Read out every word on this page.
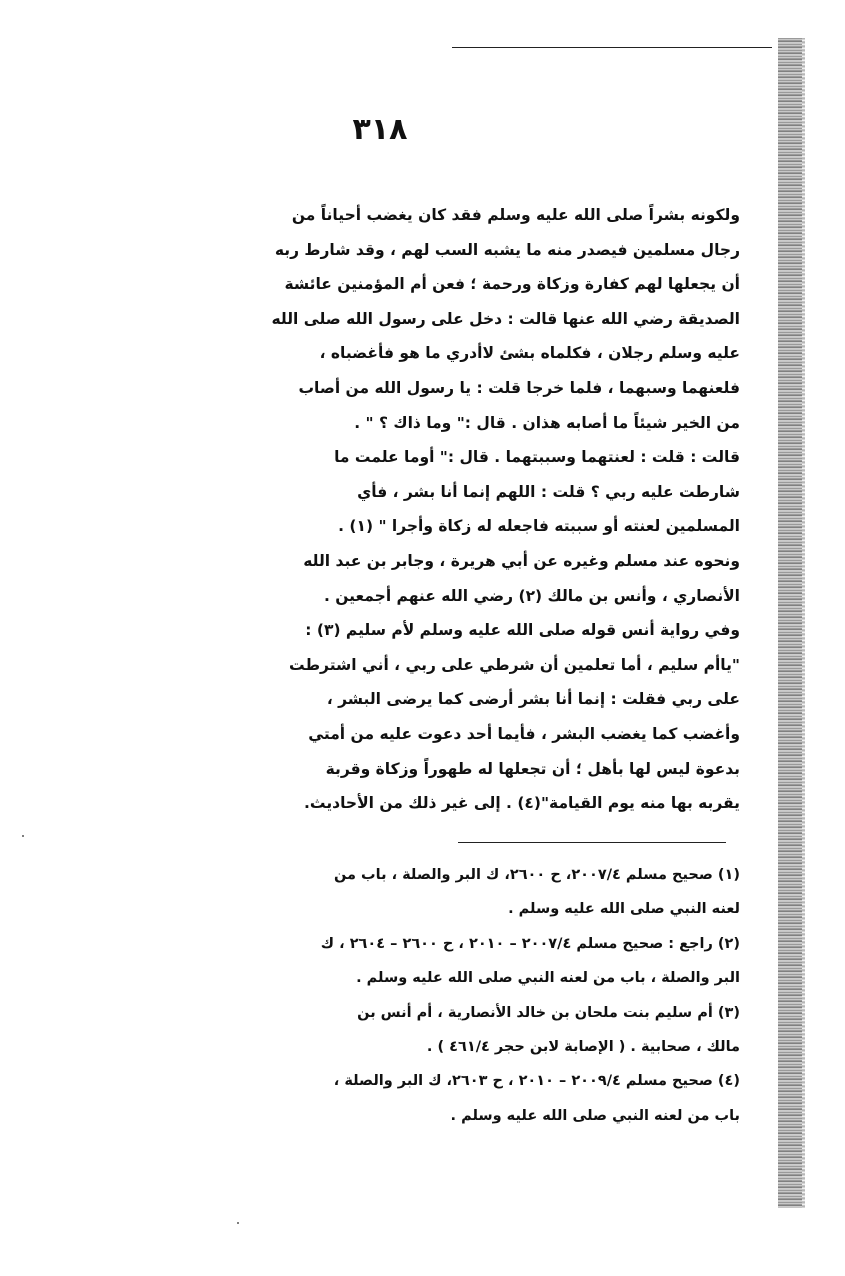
٣١٨
ولكونه بشراً صلى الله عليه وسلم فقد كان يغضب أحياناً من
رجال مسلمين فيصدر منه ما يشبه السب لهم ، وقد شارط ربه
أن يجعلها لهم كفارة وزكاة ورحمة ؛ فعن أم المؤمنين عائشة
الصديقة رضي الله عنها قالت : دخل على رسول الله صلى الله
عليه وسلم رجلان ، فكلماه بشئ لاأدري ما هو فأغضباه ،
فلعنهما وسبهما ، فلما خرجا قلت : يا رسول الله من أصاب
من الخير شيئاً ما أصابه هذان . قال :" وما ذاك ؟ " .
قالت : قلت : لعنتهما وسببتهما . قال :" أوما علمت ما
شارطت عليه ربي ؟ قلت : اللهم إنما أنا بشر ، فأي
المسلمين لعنته أو سببته فاجعله له زكاة وأجرا " (١) .
ونحوه عند مسلم وغيره عن أبي هريرة ، وجابر بن عبد الله
الأنصاري ، وأنس بن مالك (٢) رضي الله عنهم أجمعين .
وفي رواية أنس قوله صلى الله عليه وسلم لأم سليم (٣) :
"ياأم سليم ، أما تعلمين أن شرطي على ربي ، أني اشترطت
على ربي فقلت : إنما أنا بشر أرضى كما يرضى البشر ،
وأغضب كما يغضب البشر ، فأيما أحد دعوت عليه من أمتي
بدعوة ليس لها بأهل ؛ أن تجعلها له طهوراً وزكاة وقربة
يقربه بها منه يوم القيامة"(٤) . إلى غير ذلك من الأحاديث.
(١) صحيح مسلم ٢٠٠٧/٤، ح ٢٦٠٠، ك البر والصلة ، باب من
لعنه النبي صلى الله عليه وسلم .
(٢) راجع : صحيح مسلم ٢٠٠٧/٤ – ٢٠١٠ ، ح ٢٦٠٠ – ٢٦٠٤ ، ك
البر والصلة ، باب من لعنه النبي صلى الله عليه وسلم .
(٣) أم سليم بنت ملحان بن خالد الأنصارية ، أم أنس بن
مالك ، صحابية . ( الإصابة لابن حجر ٤٦١/٤ ) .
(٤) صحيح مسلم ٢٠٠٩/٤ – ٢٠١٠ ، ح ٢٦٠٣، ك البر والصلة ،
باب من لعنه النبي صلى الله عليه وسلم .
